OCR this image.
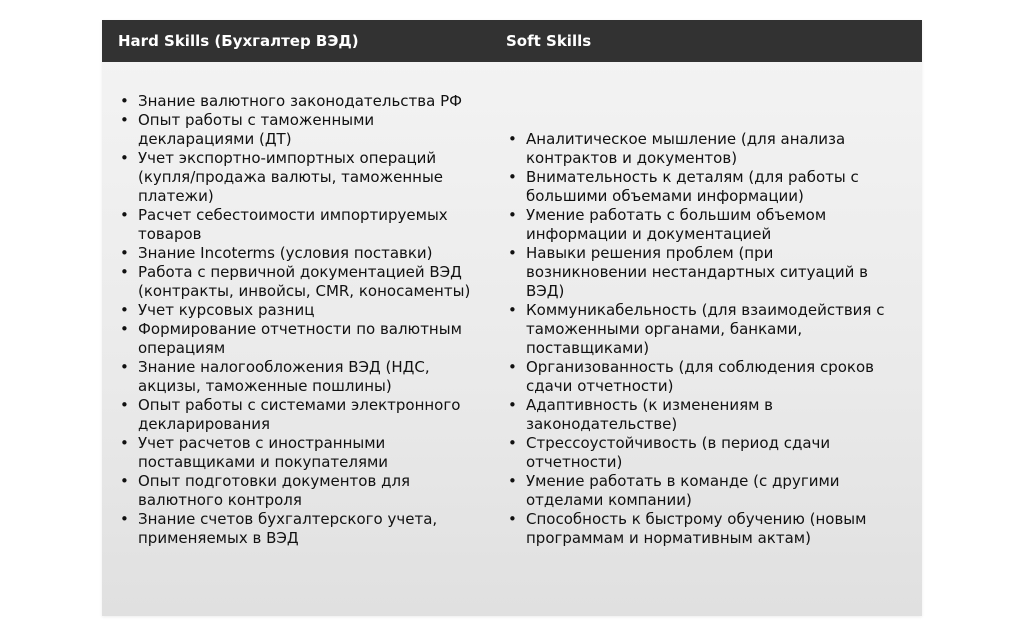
Hard Skills (Бухгалтер ВЭД)	Soft Skills
• Знание валютного законодательства РФ
• Опыт работы с таможенными декларациями (ДТ)
• Учет экспортно-импортных операций (купля/продажа валюты, таможенные платежи)
• Расчет себестоимости импортируемых товаров
• Знание Incoterms (условия поставки)
• Работа с первичной документацией ВЭД (контракты, инвойсы, CMR, коносаменты)
• Учет курсовых разниц
• Формирование отчетности по валютным операциям
• Знание налогообложения ВЭД (НДС, акцизы, таможенные пошлины)
• Опыт работы с системами электронного декларирования
• Учет расчетов с иностранными поставщиками и покупателями
• Опыт подготовки документов для валютного контроля
• Знание счетов бухгалтерского учета, применяемых в ВЭД
• Аналитическое мышление (для анализа контрактов и документов)
• Внимательность к деталям (для работы с большими объемами информации)
• Умение работать с большим объемом информации и документацией
• Навыки решения проблем (при возникновении нестандартных ситуаций в ВЭД)
• Коммуникабельность (для взаимодействия с таможенными органами, банками, поставщиками)
• Организованность (для соблюдения сроков сдачи отчетности)
• Адаптивность (к изменениям в законодательстве)
• Стрессоустойчивость (в период сдачи отчетности)
• Умение работать в команде (с другими отделами компании)
• Способность к быстрому обучению (новым программам и нормативным актам)
